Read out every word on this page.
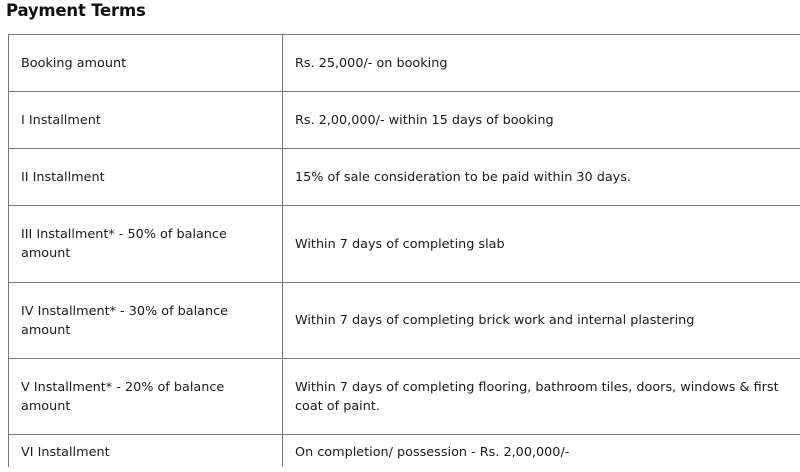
Payment Terms
Booking amount	Rs. 25,000/- on booking
I Installment	Rs. 2,00,000/- within 15 days of booking
II Installment	15% of sale consideration to be paid within 30 days.
III Installment* - 50% of balance amount	Within 7 days of completing slab
IV Installment* - 30% of balance amount	Within 7 days of completing brick work and internal plastering
V Installment* - 20% of balance amount	Within 7 days of completing flooring, bathroom tiles, doors, windows & first coat of paint.
VI Installment	On completion/ possession - Rs. 2,00,000/-
